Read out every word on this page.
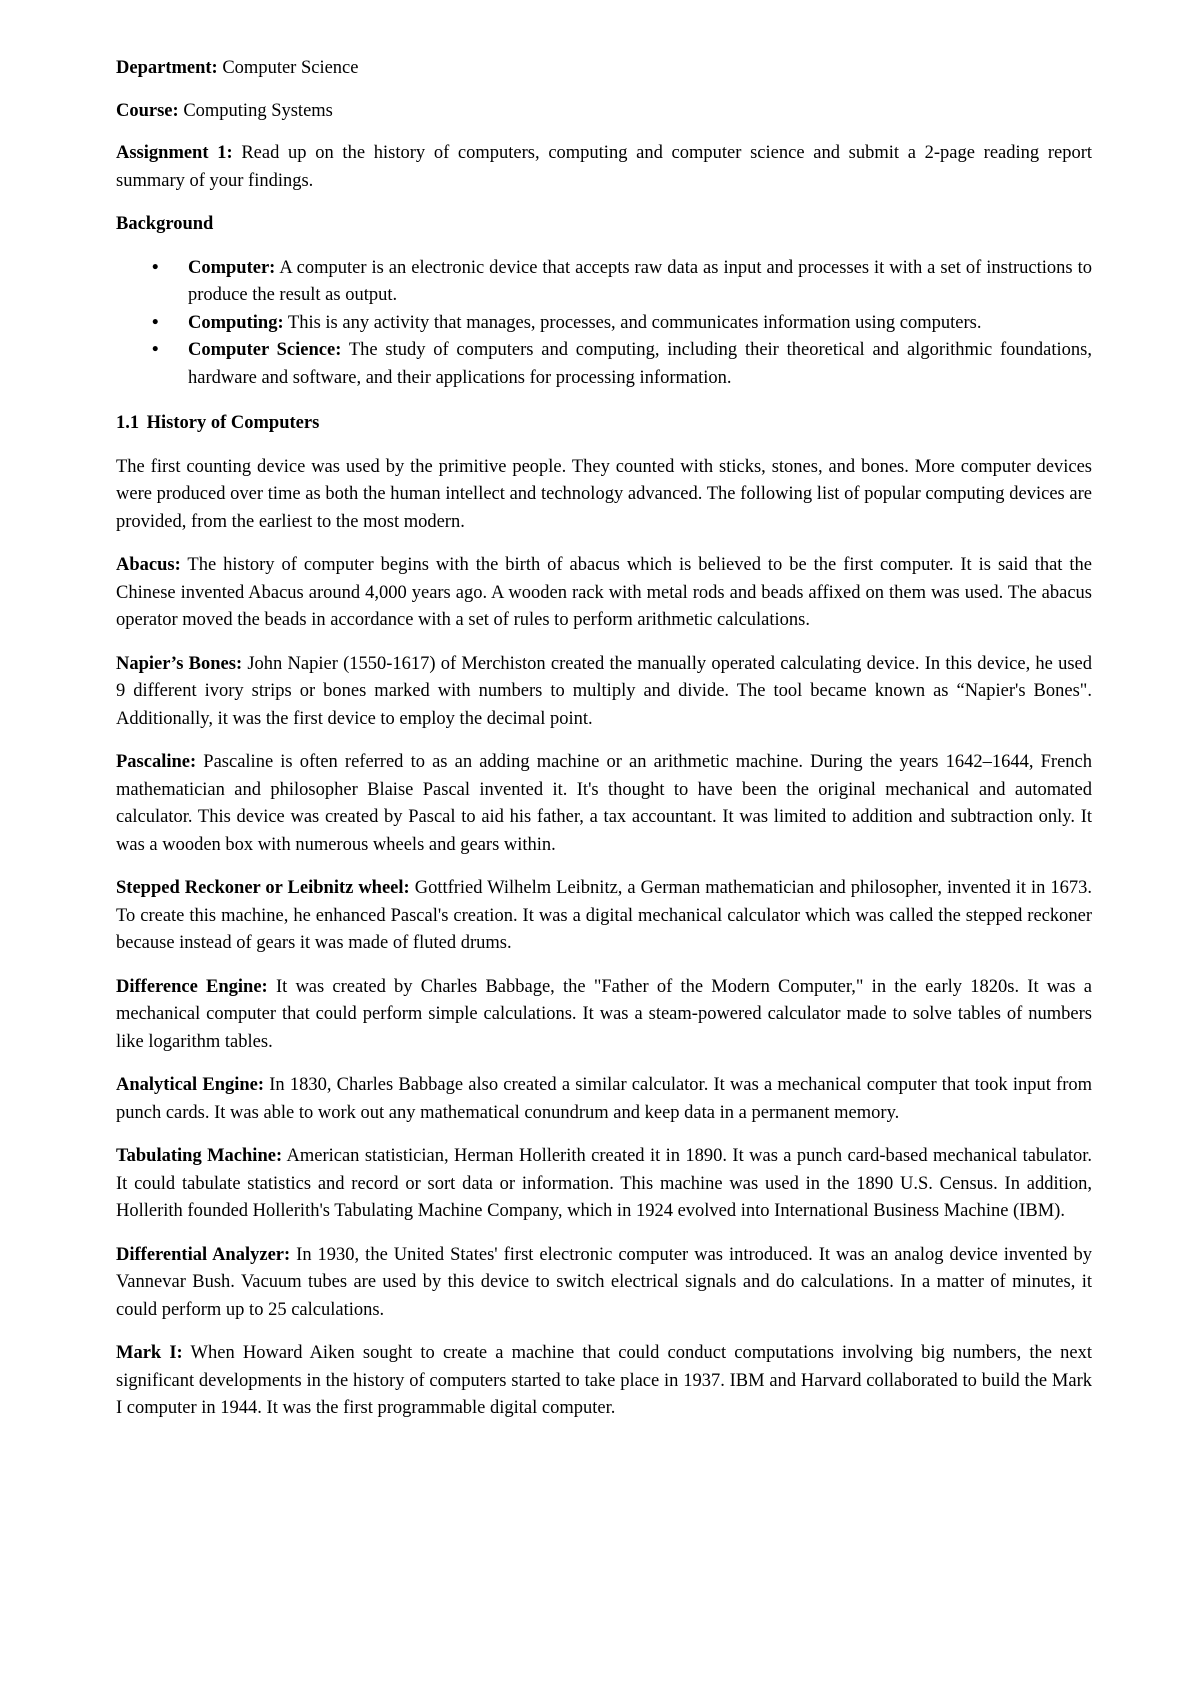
Department: Computer Science

Course: Computing Systems

Assignment 1: Read up on the history of computers, computing and computer science and submit a 2-page reading report summary of your findings.

Background
• Computer: A computer is an electronic device that accepts raw data as input and processes it with a set of instructions to produce the result as output.
• Computing: This is any activity that manages, processes, and communicates information using computers.
• Computer Science: The study of computers and computing, including their theoretical and algorithmic foundations, hardware and software, and their applications for processing information.
1.1 History of Computers

The first counting device was used by the primitive people. They counted with sticks, stones, and bones. More computer devices were produced over time as both the human intellect and technology advanced. The following list of popular computing devices are provided, from the earliest to the most modern.

Abacus: The history of computer begins with the birth of abacus which is believed to be the first computer. It is said that the Chinese invented Abacus around 4,000 years ago. A wooden rack with metal rods and beads affixed on them was used. The abacus operator moved the beads in accordance with a set of rules to perform arithmetic calculations.

Napier’s Bones: John Napier (1550-1617) of Merchiston created the manually operated calculating device. In this device, he used 9 different ivory strips or bones marked with numbers to multiply and divide. The tool became known as “Napier's Bones". Additionally, it was the first device to employ the decimal point.

Pascaline: Pascaline is often referred to as an adding machine or an arithmetic machine. During the years 1642–1644, French mathematician and philosopher Blaise Pascal invented it. It's thought to have been the original mechanical and automated calculator. This device was created by Pascal to aid his father, a tax accountant. It was limited to addition and subtraction only. It was a wooden box with numerous wheels and gears within.

Stepped Reckoner or Leibnitz wheel: Gottfried Wilhelm Leibnitz, a German mathematician and philosopher, invented it in 1673. To create this machine, he enhanced Pascal's creation. It was a digital mechanical calculator which was called the stepped reckoner because instead of gears it was made of fluted drums.

Difference Engine: It was created by Charles Babbage, the "Father of the Modern Computer," in the early 1820s. It was a mechanical computer that could perform simple calculations. It was a steam-powered calculator made to solve tables of numbers like logarithm tables.

Analytical Engine: In 1830, Charles Babbage also created a similar calculator. It was a mechanical computer that took input from punch cards. It was able to work out any mathematical conundrum and keep data in a permanent memory.

Tabulating Machine: American statistician, Herman Hollerith created it in 1890. It was a punch card-based mechanical tabulator. It could tabulate statistics and record or sort data or information. This machine was used in the 1890 U.S. Census. In addition, Hollerith founded Hollerith's Tabulating Machine Company, which in 1924 evolved into International Business Machine (IBM).

Differential Analyzer: In 1930, the United States' first electronic computer was introduced. It was an analog device invented by Vannevar Bush. Vacuum tubes are used by this device to switch electrical signals and do calculations. In a matter of minutes, it could perform up to 25 calculations.

Mark I: When Howard Aiken sought to create a machine that could conduct computations involving big numbers, the next significant developments in the history of computers started to take place in 1937. IBM and Harvard collaborated to build the Mark I computer in 1944. It was the first programmable digital computer.
